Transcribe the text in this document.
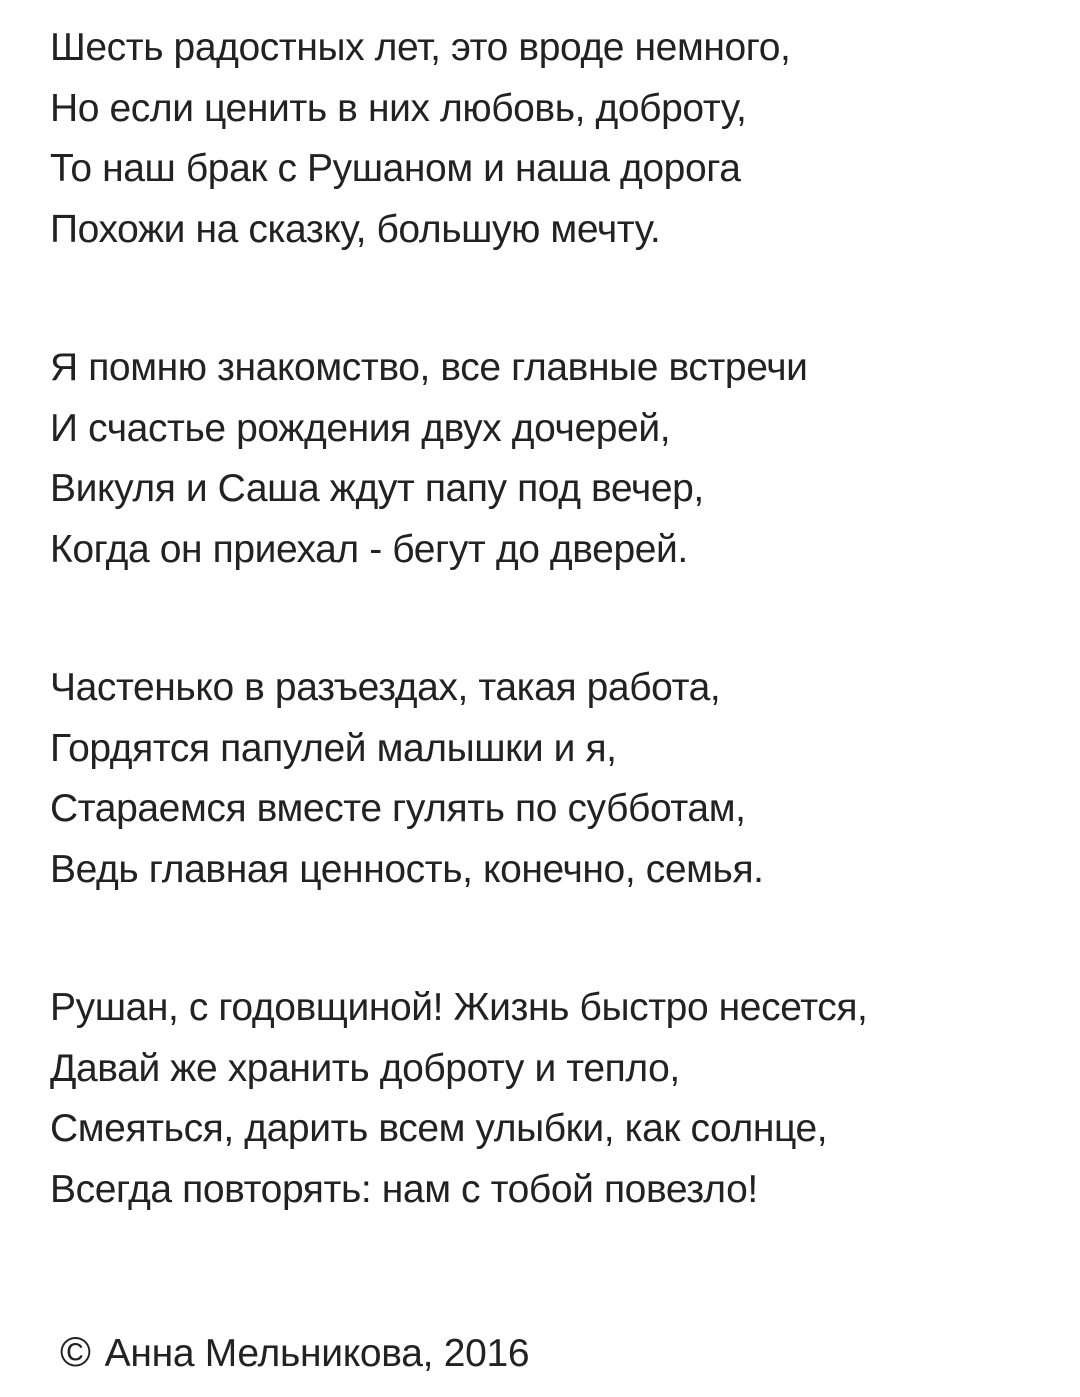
Шесть радостных лет, это вроде немного,
Но если ценить в них любовь, доброту,
То наш брак с Рушаном и наша дорога
Похожи на сказку, большую мечту.
Я помню знакомство, все главные встречи
И счастье рождения двух дочерей,
Викуля и Саша ждут папу под вечер,
Когда он приехал - бегут до дверей.
Частенько в разъездах, такая работа,
Гордятся папулей малышки и я,
Стараемся вместе гулять по субботам,
Ведь главная ценность, конечно, семья.
Рушан, с годовщиной! Жизнь быстро несется,
Давай же хранить доброту и тепло,
Смеяться, дарить всем улыбки, как солнце,
Всегда повторять: нам с тобой повезло!
© Анна Мельникова, 2016
